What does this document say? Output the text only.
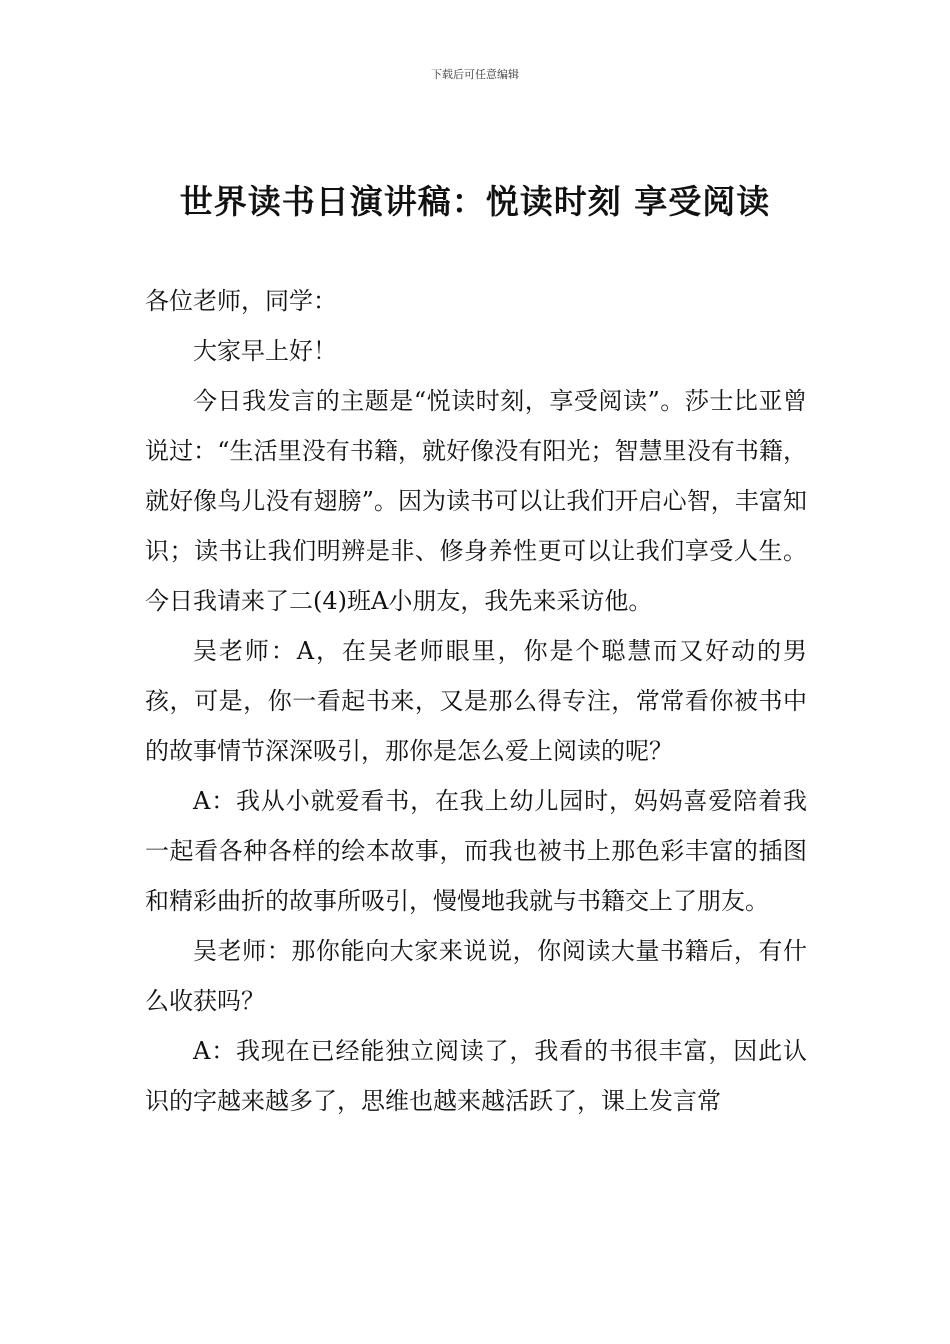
下载后可任意编辑
世界读书日演讲稿：悦读时刻 享受阅读

各位老师，同学：

大家早上好！

今日我发言的主题是“悦读时刻，享受阅读”。莎士比亚曾说过：“生活里没有书籍，就好像没有阳光；智慧里没有书籍，就好像鸟儿没有翅膀”。因为读书可以让我们开启心智，丰富知识；读书让我们明辨是非、修身养性更可以让我们享受人生。今日我请来了二(4)班A小朋友，我先来采访他。

吴老师：A，在吴老师眼里，你是个聪慧而又好动的男孩，可是，你一看起书来，又是那么得专注，常常看你被书中的故事情节深深吸引，那你是怎么爱上阅读的呢？

A：我从小就爱看书，在我上幼儿园时，妈妈喜爱陪着我一起看各种各样的绘本故事，而我也被书上那色彩丰富的插图和精彩曲折的故事所吸引，慢慢地我就与书籍交上了朋友。

吴老师：那你能向大家来说说，你阅读大量书籍后，有什么收获吗？

A：我现在已经能独立阅读了，我看的书很丰富，因此认识的字越来越多了，思维也越来越活跃了，课上发言常
